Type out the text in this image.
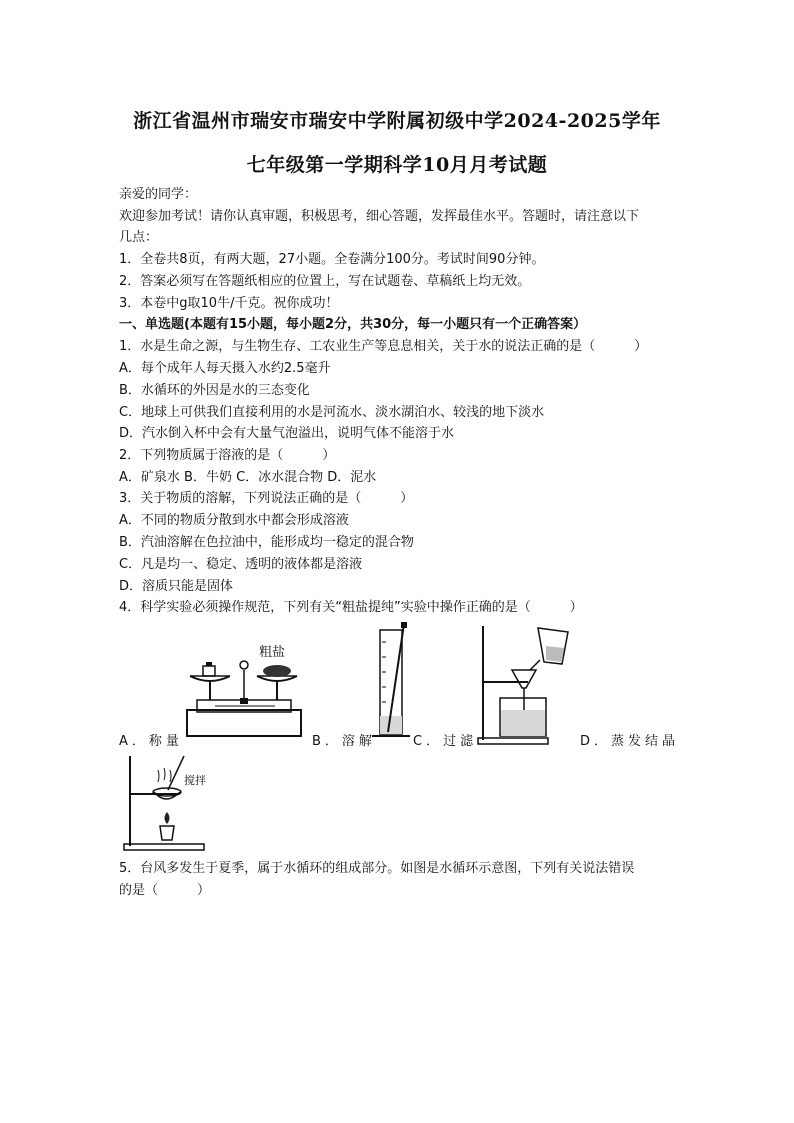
浙江省温州市瑞安市瑞安中学附属初级中学2024-2025学年
七年级第一学期科学10月月考试题
亲爱的同学：
欢迎参加考试！请你认真审题，积极思考，细心答题，发挥最佳水平。答题时，请注意以下
几点：
1．全卷共8页，有两大题，27小题。全卷满分100分。考试时间90分钟。
2．答案必须写在答题纸相应的位置上，写在试题卷、草稿纸上均无效。
3．本卷中g取10牛/千克。祝你成功！
一、单选题(本题有15小题，每小题2分，共30分，每一小题只有一个正确答案）
1．水是生命之源，与生物生存、工农业生产等息息相关，关于水的说法正确的是（　　　）
A．每个成年人每天摄入水约2.5毫升
B．水循环的外因是水的三态变化
C．地球上可供我们直接利用的水是河流水、淡水湖泊水、较浅的地下淡水
D．汽水倒入杯中会有大量气泡溢出，说明气体不能溶于水
2．下列物质属于溶液的是（　　　）
A．矿泉水 B．牛奶 C．冰水混合物 D．泥水
3．关于物质的溶解，下列说法正确的是（　　　）
A．不同的物质分散到水中都会形成溶液
B．汽油溶解在色拉油中，能形成均一稳定的混合物
C．凡是均一、稳定、透明的液体都是溶液
D．溶质只能是固体
4．科学实验必须操作规范，下列有关“粗盐提纯”实验中操作正确的是（　　　）
粗盐
A．称量	B．溶解	C．过滤	D．蒸发结晶
搅拌
5．台风多发生于夏季，属于水循环的组成部分。如图是水循环示意图，下列有关说法错误
的是（　　　）
